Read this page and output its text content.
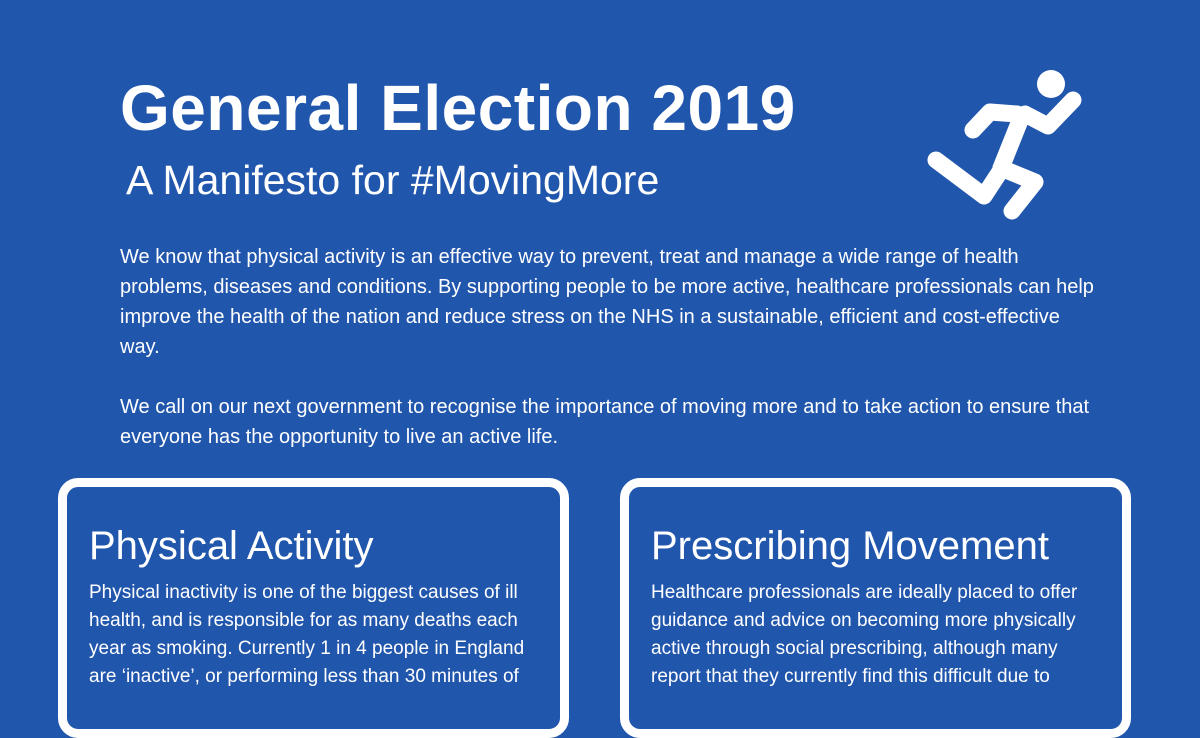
General Election 2019
A Manifesto for #MovingMore

We know that physical activity is an effective way to prevent, treat and manage a wide range of health problems, diseases and conditions. By supporting people to be more active, healthcare professionals can help improve the health of the nation and reduce stress on the NHS in a sustainable, efficient and cost-effective way.

We call on our next government to recognise the importance of moving more and to take action to ensure that everyone has the opportunity to live an active life.

Physical Activity

Physical inactivity is one of the biggest causes of ill health, and is responsible for as many deaths each year as smoking. Currently 1 in 4 people in England are ‘inactive’, or performing less than 30 minutes of

Prescribing Movement

Healthcare professionals are ideally placed to offer guidance and advice on becoming more physically active through social prescribing, although many report that they currently find this difficult due to
